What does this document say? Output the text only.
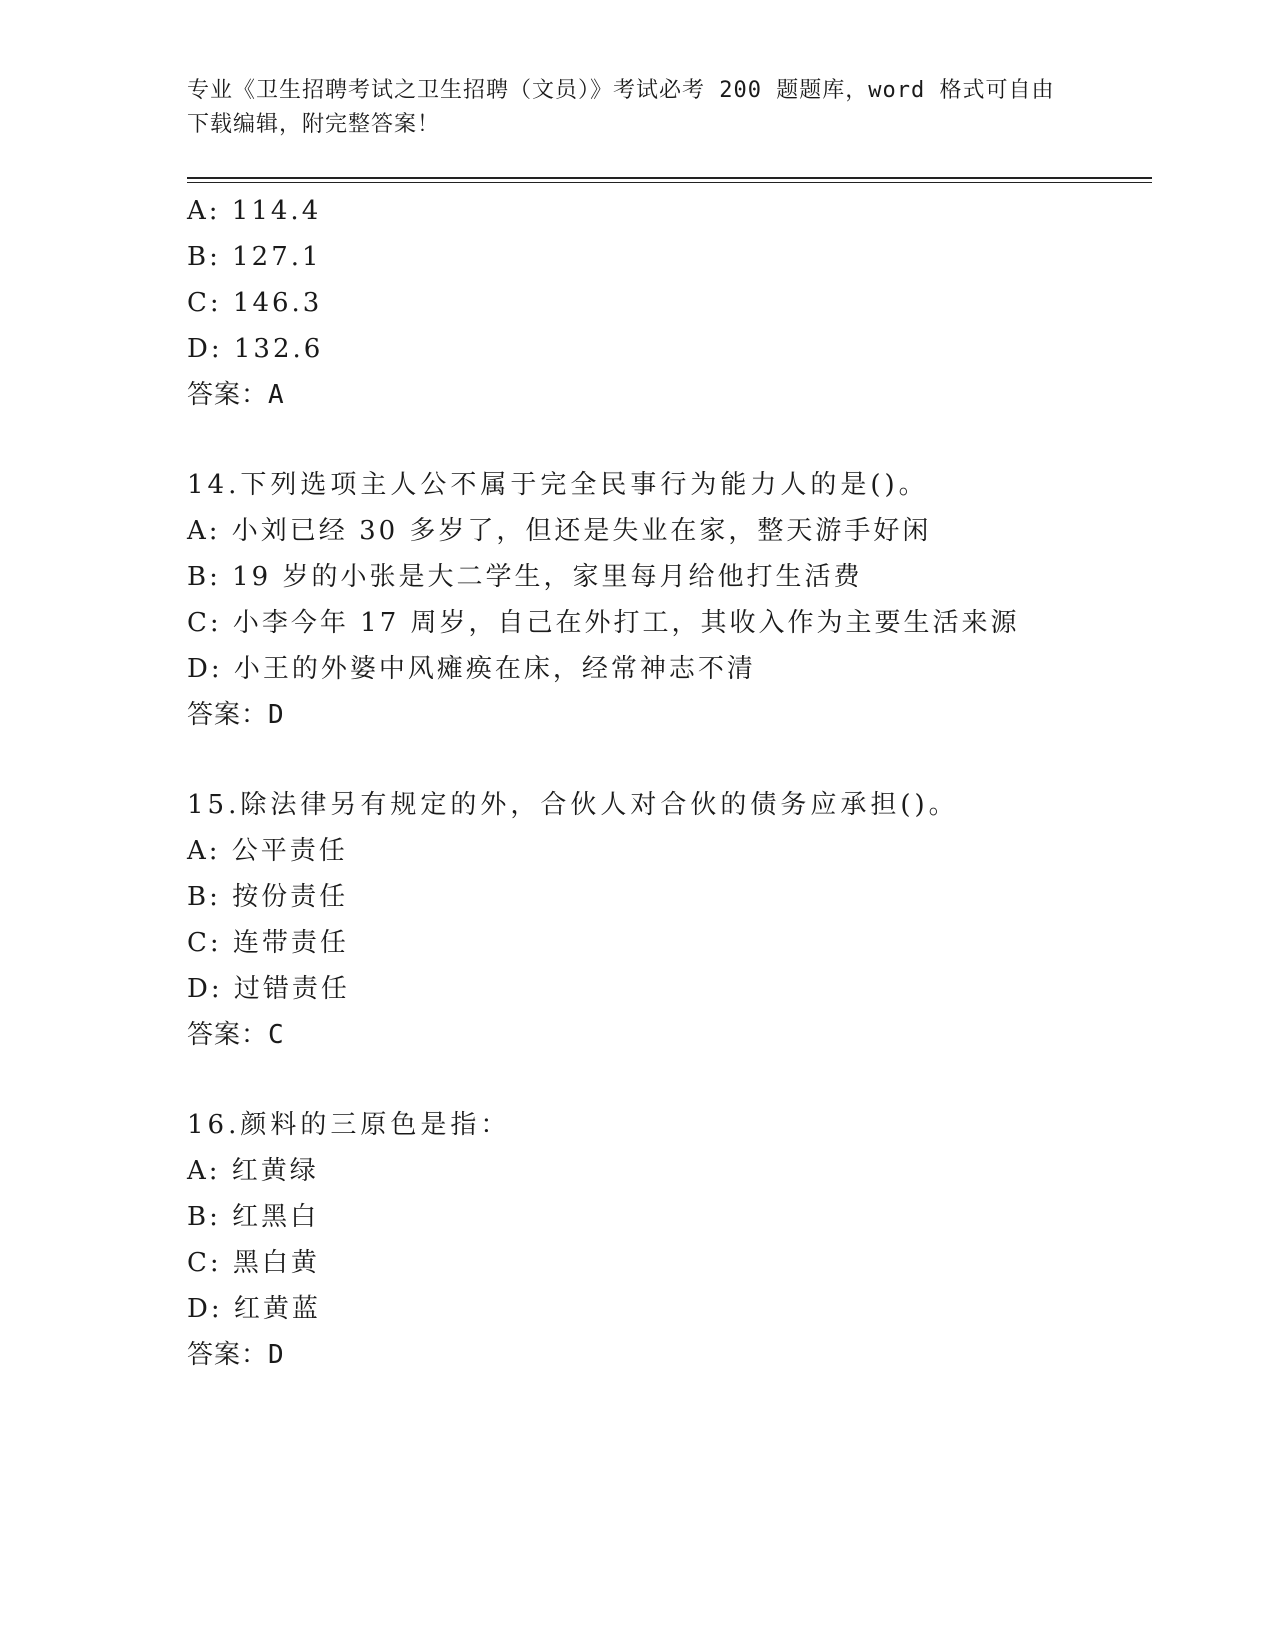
专业《卫生招聘考试之卫生招聘（文员）》考试必考 200 题题库，word 格式可自由下载编辑，附完整答案！
A: 114.4
B: 127.1
C: 146.3
D: 132.6
答案：A
14.下列选项主人公不属于完全民事行为能力人的是()。
A: 小刘已经 30 多岁了，但还是失业在家，整天游手好闲
B: 19 岁的小张是大二学生，家里每月给他打生活费
C: 小李今年 17 周岁，自己在外打工，其收入作为主要生活来源
D: 小王的外婆中风瘫痪在床，经常神志不清
答案：D
15.除法律另有规定的外，合伙人对合伙的债务应承担()。
A: 公平责任
B: 按份责任
C: 连带责任
D: 过错责任
答案：C
16.颜料的三原色是指：
A: 红黄绿
B: 红黑白
C: 黑白黄
D: 红黄蓝
答案：D
